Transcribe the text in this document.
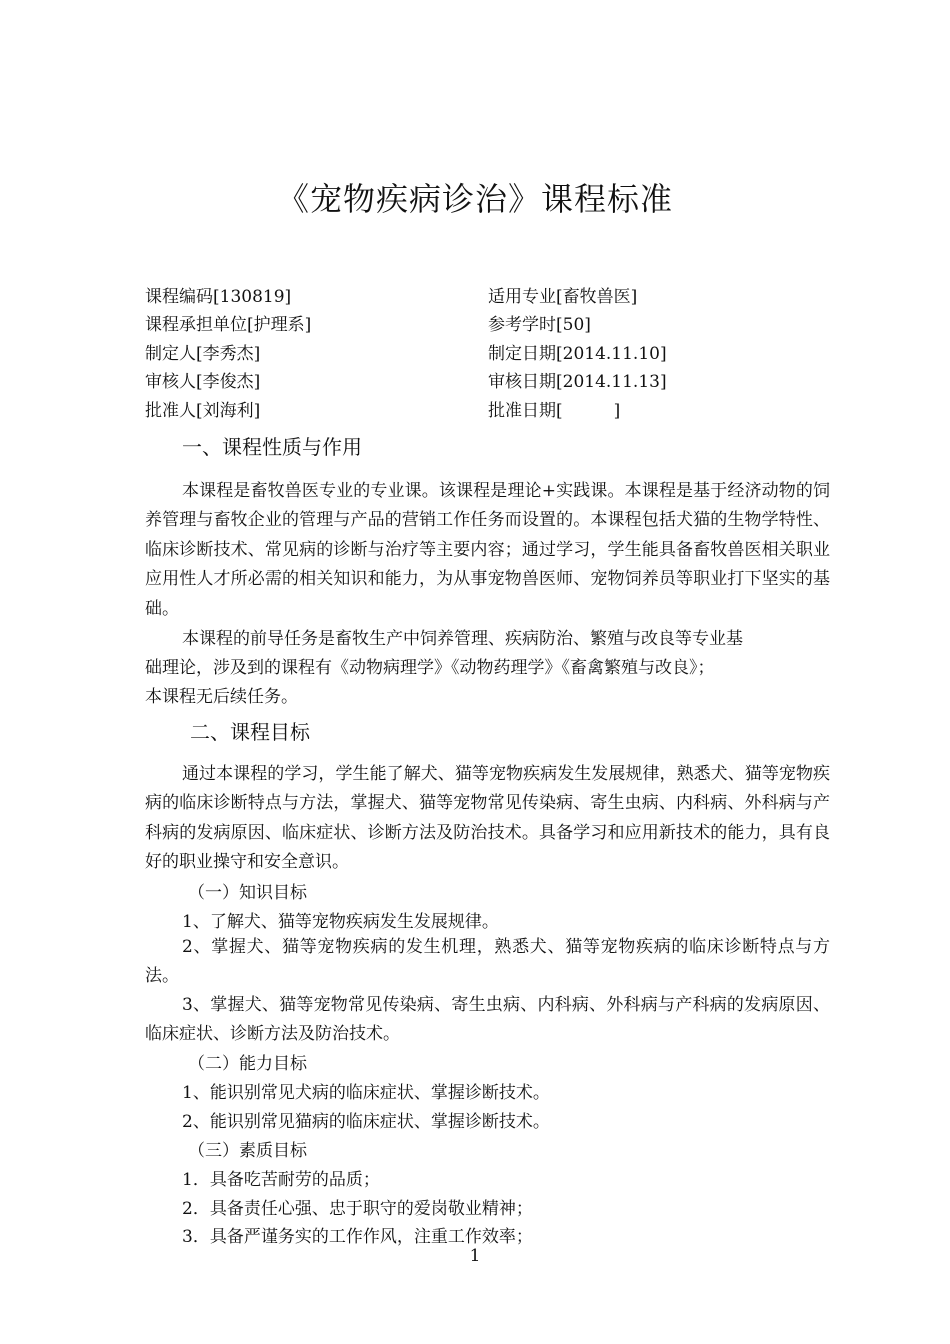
《宠物疾病诊治》课程标准
课程编码[130819]	适用专业[畜牧兽医]
课程承担单位[护理系]	参考学时[50]
制定人[李秀杰]	制定日期[2014.11.10]
审核人[李俊杰]	审核日期[2014.11.13]
批准人[刘海利]	批准日期[　　　]
一、课程性质与作用

本课程是畜牧兽医专业的专业课。该课程是理论+实践课。本课程是基于经济动物的饲养管理与畜牧企业的管理与产品的营销工作任务而设置的。本课程包括犬猫的生物学特性、临床诊断技术、常见病的诊断与治疗等主要内容；通过学习，学生能具备畜牧兽医相关职业应用性人才所必需的相关知识和能力，为从事宠物兽医师、宠物饲养员等职业打下坚实的基础。

本课程的前导任务是畜牧生产中饲养管理、疾病防治、繁殖与改良等专业基
础理论，涉及到的课程有《动物病理学》《动物药理学》《畜禽繁殖与改良》；
本课程无后续任务。
二、课程目标

通过本课程的学习，学生能了解犬、猫等宠物疾病发生发展规律，熟悉犬、猫等宠物疾病的临床诊断特点与方法，掌握犬、猫等宠物常见传染病、寄生虫病、内科病、外科病与产科病的发病原因、临床症状、诊断方法及防治技术。具备学习和应用新技术的能力，具有良好的职业操守和安全意识。

（一）知识目标
1、了解犬、猫等宠物疾病发生发展规律。

2、掌握犬、猫等宠物疾病的发生机理，熟悉犬、猫等宠物疾病的临床诊断特点与方法。

3、掌握犬、猫等宠物常见传染病、寄生虫病、内科病、外科病与产科病的发病原因、临床症状、诊断方法及防治技术。

（二）能力目标
1、能识别常见犬病的临床症状、掌握诊断技术。
2、能识别常见猫病的临床症状、掌握诊断技术。
（三）素质目标
1．具备吃苦耐劳的品质；
2．具备责任心强、忠于职守的爱岗敬业精神；
3．具备严谨务实的工作作风，注重工作效率；
1
